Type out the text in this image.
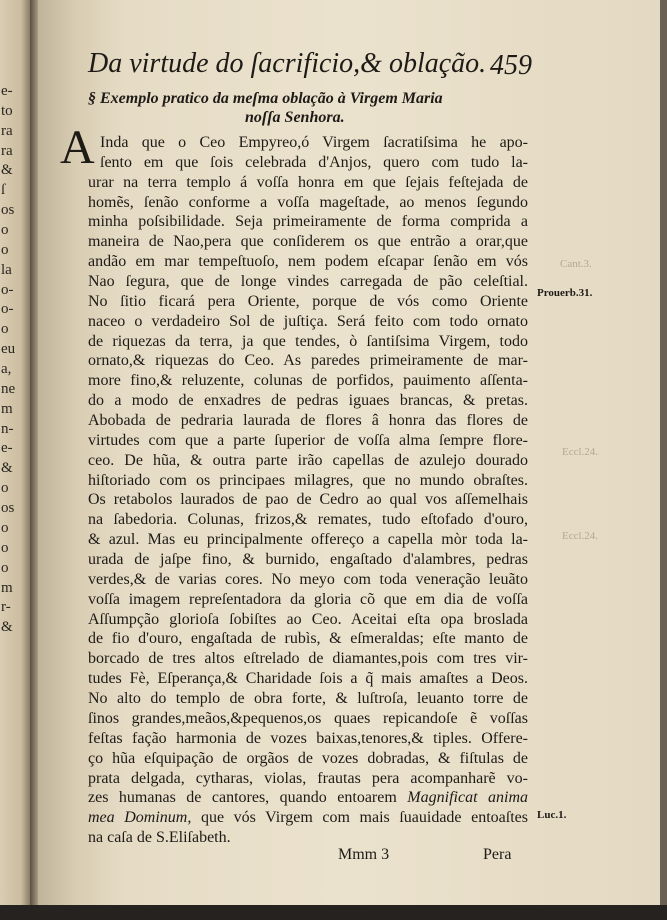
e-
to
ra
ra
&
ſ
os
o
o
la
o-
o-
o
eu
a,
ne
m
n-
e-
&
o
os
o
o
o
m
r-
&
Da virtude do ſacrificio,& oblação. 459
§ Exemplo pratico da meſma oblação à Virgem Maria
noſſa Senhora.
A Inda que o Ceo Empyreo,ó Virgem ſacratiſsima he apo-
ſento em que ſois celebrada d'Anjos, quero com tudo la-
urar na terra templo á voſſa honra em que ſejais feſtejada de
homẽs, ſenão conforme a voſſa mageſtade, ao menos ſegundo
minha poſsibilidade. Seja primeiramente de forma comprida a
maneira de Nao,pera que conſiderem os que entrão a orar,que
andão em mar tempeſtuoſo, nem podem eſcapar ſenão em vós
Nao ſegura, que de longe vindes carregada de pão celeſtial.
No ſitio ficará pera Oriente, porque de vós como Oriente
naceo o verdadeiro Sol de juſtiça. Será feito com todo ornato
de riquezas da terra, ja que tendes, ò ſantiſsima Virgem, todo
ornato,& riquezas do Ceo. As paredes primeiramente de mar-
more fino,& reluzente, colunas de porfidos, pauimento aſſenta-
do a modo de enxadres de pedras iguaes brancas, & pretas.
Abobada de pedraria laurada de flores â honra das flores de
virtudes com que a parte ſuperior de voſſa alma ſempre flore-
ceo. De hũa, & outra parte irão capellas de azulejo dourado
hiſtoriado com os principaes milagres, que no mundo obraſtes.
Os retabolos laurados de pao de Cedro ao qual vos aſſemelhais
na ſabedoria. Colunas, frizos,& remates, tudo eſtofado d'ouro,
& azul. Mas eu principalmente offereço a capella mòr toda la-
urada de jaſpe fino, & burnido, engaſtado d'alambres, pedras
verdes,& de varias cores. No meyo com toda veneração leuãto
voſſa imagem repreſentadora da gloria cõ que em dia de voſſa
Aſſumpção glorioſa ſobiſtes ao Ceo. Aceitai eſta opa broslada
de fio d'ouro, engaſtada de rubìs, & eſmeraldas; eſte manto de
borcado de tres altos eſtrelado de diamantes,pois com tres vir-
tudes Fè, Eſperança,& Charidade ſois a q̃ mais amaſtes a Deos.
No alto do templo de obra forte, & luſtroſa, leuanto torre de
ſinos grandes,meãos,&pequenos,os quaes repicandoſe ẽ voſſas
feſtas fação harmonia de vozes baixas,tenores,& tiples. Offere-
ço hũa eſquipação de orgãos de vozes dobradas, & fiſtulas de
prata delgada, cytharas, violas, frautas pera acompanharẽ vo-
zes humanas de cantores, quando entoarem Magnificat anima
mea Dominum, que vós Virgem com mais ſuauidade entoaſtes
na caſa de S.Eliſabeth.
Cant.3.
Prouerb.31.
Eccl.24.
Eccl.24.
Luc.1.
Mmm 3	Pera
